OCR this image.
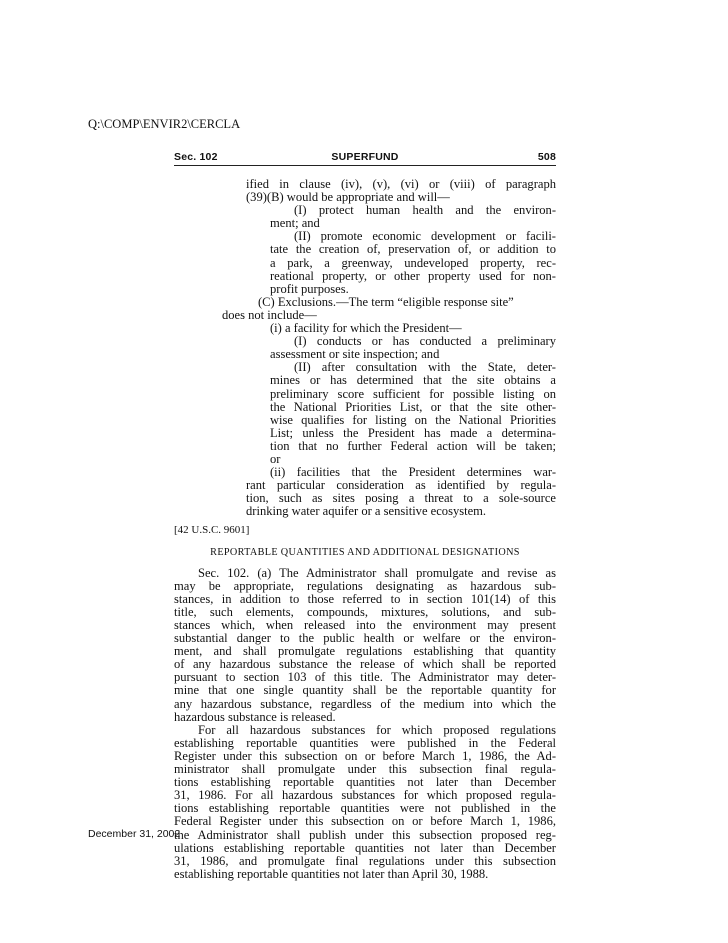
Q:\COMP\ENVIR2\CERCLA
Sec. 102	SUPERFUND	508
ified in clause (iv), (v), (vi) or (viii) of paragraph
(39)(B) would be appropriate and will—
(I) protect human health and the environ-
ment; and
(II) promote economic development or facili-
tate the creation of, preservation of, or addition to
a park, a greenway, undeveloped property, rec-
reational property, or other property used for non-
profit purposes.
(C) Exclusions.—The term “eligible response site”
does not include—
(i) a facility for which the President—
(I) conducts or has conducted a preliminary
assessment or site inspection; and
(II) after consultation with the State, deter-
mines or has determined that the site obtains a
preliminary score sufficient for possible listing on
the National Priorities List, or that the site other-
wise qualifies for listing on the National Priorities
List; unless the President has made a determina-
tion that no further Federal action will be taken;
or
(ii) facilities that the President determines war-
rant particular consideration as identified by regula-
tion, such as sites posing a threat to a sole-source
drinking water aquifer or a sensitive ecosystem.
[42 U.S.C. 9601]
REPORTABLE QUANTITIES AND ADDITIONAL DESIGNATIONS
Sec. 102. (a) The Administrator shall promulgate and revise as
may be appropriate, regulations designating as hazardous sub-
stances, in addition to those referred to in section 101(14) of this
title, such elements, compounds, mixtures, solutions, and sub-
stances which, when released into the environment may present
substantial danger to the public health or welfare or the environ-
ment, and shall promulgate regulations establishing that quantity
of any hazardous substance the release of which shall be reported
pursuant to section 103 of this title. The Administrator may deter-
mine that one single quantity shall be the reportable quantity for
any hazardous substance, regardless of the medium into which the
hazardous substance is released.
For all hazardous substances for which proposed regulations
establishing reportable quantities were published in the Federal
Register under this subsection on or before March 1, 1986, the Ad-
ministrator shall promulgate under this subsection final regula-
tions establishing reportable quantities not later than December
31, 1986. For all hazardous substances for which proposed regula-
tions establishing reportable quantities were not published in the
Federal Register under this subsection on or before March 1, 1986,
the Administrator shall publish under this subsection proposed reg-
ulations establishing reportable quantities not later than December
31, 1986, and promulgate final regulations under this subsection
establishing reportable quantities not later than April 30, 1988.
December 31, 2002
